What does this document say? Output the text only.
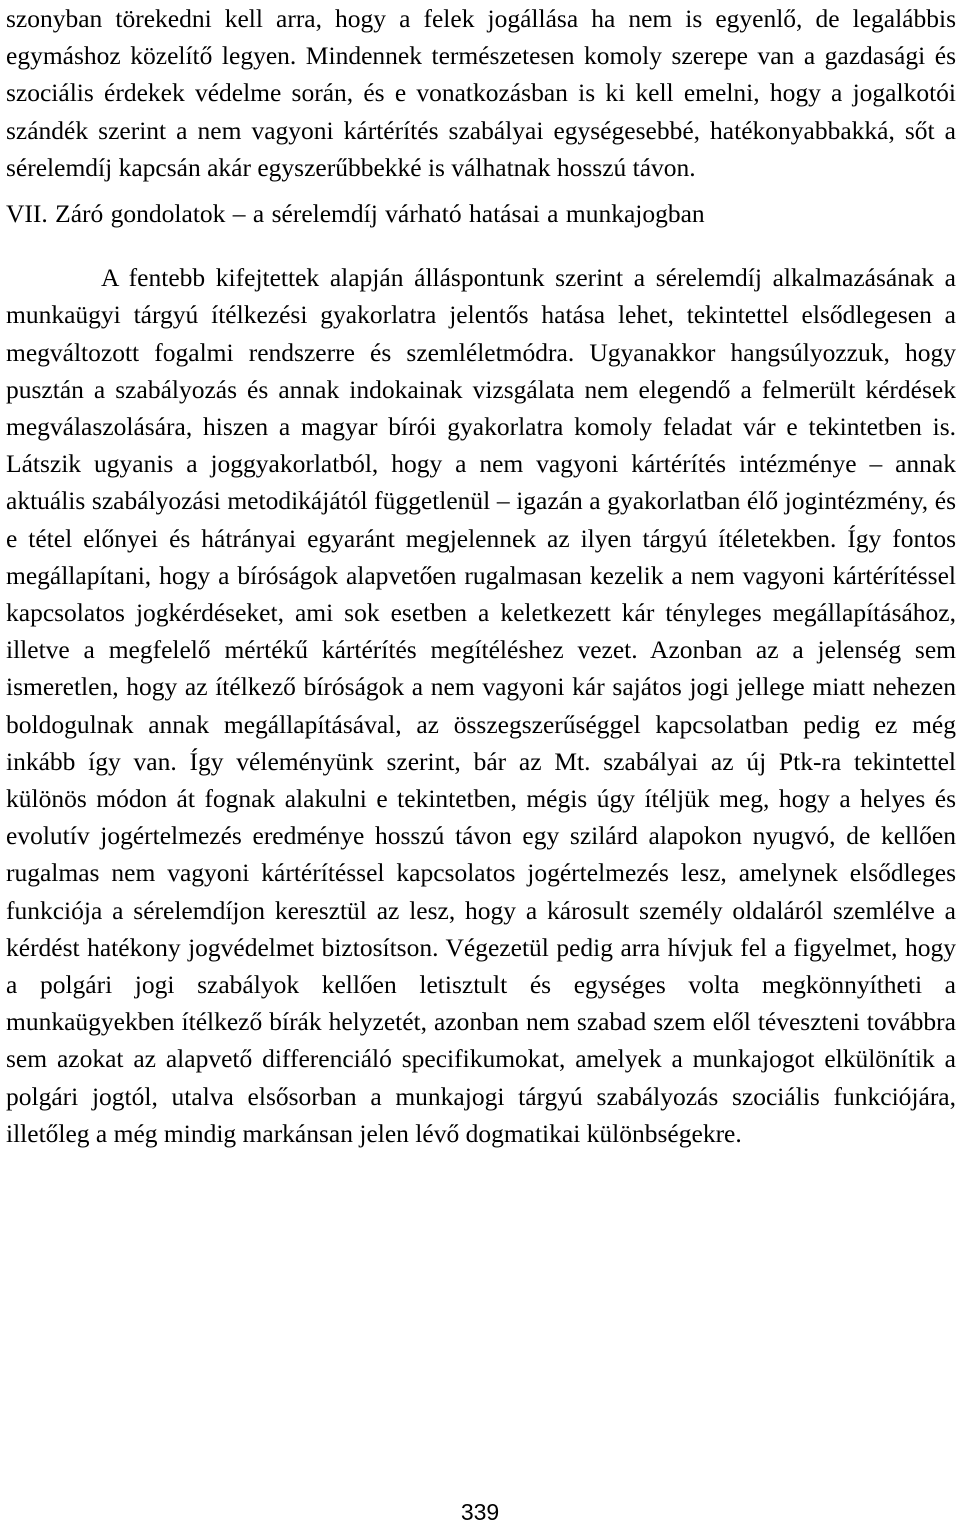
szonyban törekedni kell arra, hogy a felek jogállása ha nem is egyenlő, de legalábbis egymáshoz közelítő legyen. Mindennek természetesen komoly szerepe van a gazdasági és szociális érdekek védelme során, és e vonatkozásban is ki kell emelni, hogy a jogalkotói szándék szerint a nem vagyoni kártérítés szabályai egységesebbé, hatékonyabbakká, sőt a sérelemdíj kapcsán akár egyszerűbbekké is válhatnak hosszú távon.

VII. Záró gondolatok – a sérelemdíj várható hatásai a munkajogban

A fentebb kifejtettek alapján álláspontunk szerint a sérelemdíj alkalmazásának a munkaügyi tárgyú ítélkezési gyakorlatra jelentős hatása lehet, tekintettel elsődlegesen a megváltozott fogalmi rendszerre és szemléletmódra. Ugyanakkor hangsúlyozzuk, hogy pusztán a szabályozás és annak indokainak vizsgálata nem elegendő a felmerült kérdések megválaszolására, hiszen a magyar bírói gyakorlatra komoly feladat vár e tekintetben is. Látszik ugyanis a joggyakorlatból, hogy a nem vagyoni kártérítés intézménye – annak aktuális szabályozási metodikájától függetlenül – igazán a gyakorlatban élő jogintézmény, és e tétel előnyei és hátrányai egyaránt megjelennek az ilyen tárgyú ítéletekben. Így fontos megállapítani, hogy a bíróságok alapvetően rugalmasan kezelik a nem vagyoni kártérítéssel kapcsolatos jogkérdéseket, ami sok esetben a keletkezett kár tényleges megállapításához, illetve a megfelelő mértékű kártérítés megítéléshez vezet. Azonban az a jelenség sem ismeretlen, hogy az ítélkező bíróságok a nem vagyoni kár sajátos jogi jellege miatt nehezen boldogulnak annak megállapításával, az összegszerűséggel kapcsolatban pedig ez még inkább így van. Így véleményünk szerint, bár az Mt. szabályai az új Ptk-ra tekintettel különös módon át fognak alakulni e tekintetben, mégis úgy ítéljük meg, hogy a helyes és evolutív jogértelmezés eredménye hosszú távon egy szilárd alapokon nyugvó, de kellően rugalmas nem vagyoni kártérítéssel kapcsolatos jogértelmezés lesz, amelynek elsődleges funkciója a sérelemdíjon keresztül az lesz, hogy a károsult személy oldaláról szemlélve a kérdést hatékony jogvédelmet biztosítson. Végezetül pedig arra hívjuk fel a figyelmet, hogy a polgári jogi szabályok kellően letisztult és egységes volta megkönnyítheti a munkaügyekben ítélkező bírák helyzetét, azonban nem szabad szem elől téveszteni továbbra sem azokat az alapvető differenciáló specifikumokat, amelyek a munkajogot elkülönítik a polgári jogtól, utalva elsősorban a munkajogi tárgyú szabályozás szociális funkciójára, illetőleg a még mindig markánsan jelen lévő dogmatikai különbségekre.

339
